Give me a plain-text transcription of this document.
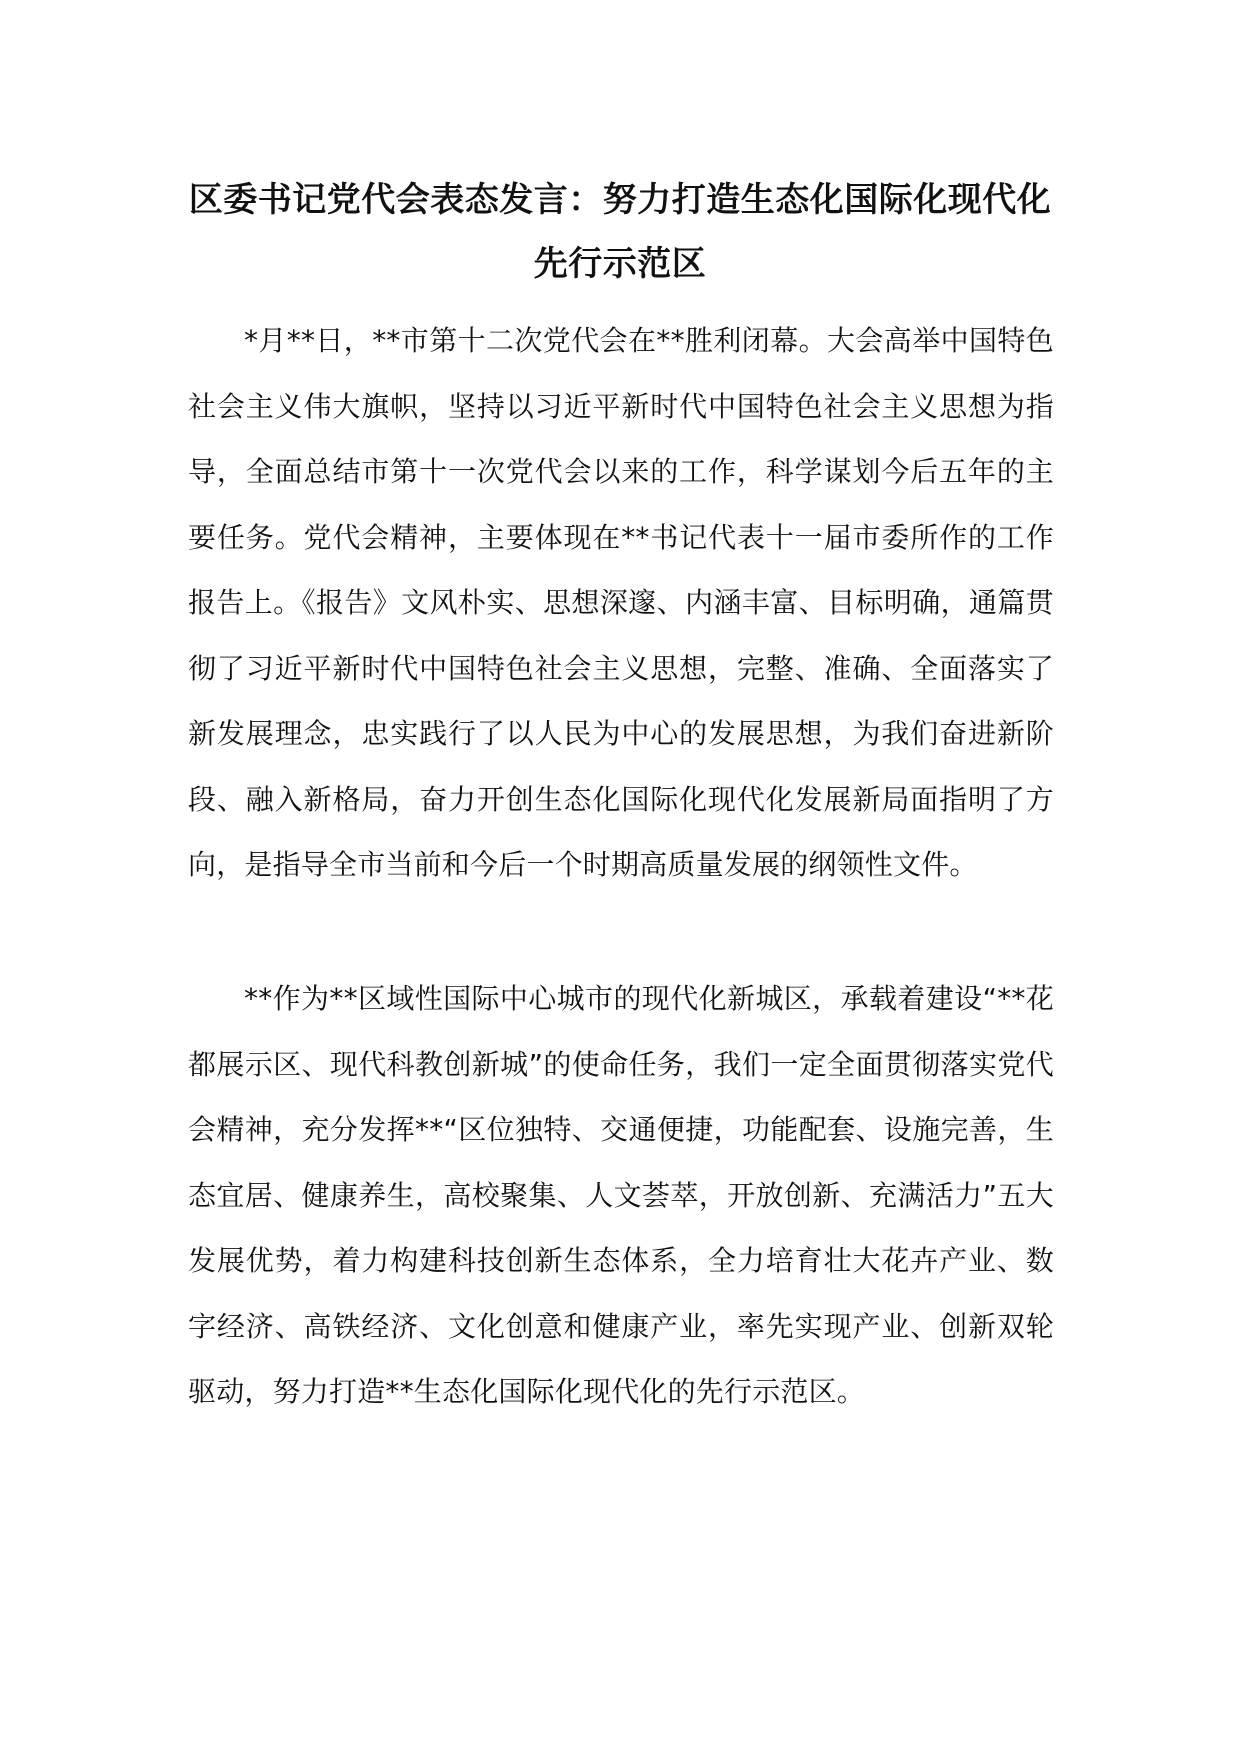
区委书记党代会表态发言：努力打造生态化国际化现代化
先行示范区

*月**日，**市第十二次党代会在**胜利闭幕。大会高举中国特色社会主义伟大旗帜，坚持以习近平新时代中国特色社会主义思想为指导，全面总结市第十一次党代会以来的工作，科学谋划今后五年的主要任务。党代会精神，主要体现在**书记代表十一届市委所作的工作报告上。《报告》文风朴实、思想深邃、内涵丰富、目标明确，通篇贯彻了习近平新时代中国特色社会主义思想，完整、准确、全面落实了新发展理念，忠实践行了以人民为中心的发展思想，为我们奋进新阶段、融入新格局，奋力开创生态化国际化现代化发展新局面指明了方向，是指导全市当前和今后一个时期高质量发展的纲领性文件。

**作为**区域性国际中心城市的现代化新城区，承载着建设“**花都展示区、现代科教创新城”的使命任务，我们一定全面贯彻落实党代会精神，充分发挥**“区位独特、交通便捷，功能配套、设施完善，生态宜居、健康养生，高校聚集、人文荟萃，开放创新、充满活力”五大发展优势，着力构建科技创新生态体系，全力培育壮大花卉产业、数字经济、高铁经济、文化创意和健康产业，率先实现产业、创新双轮驱动，努力打造**生态化国际化现代化的先行示范区。
